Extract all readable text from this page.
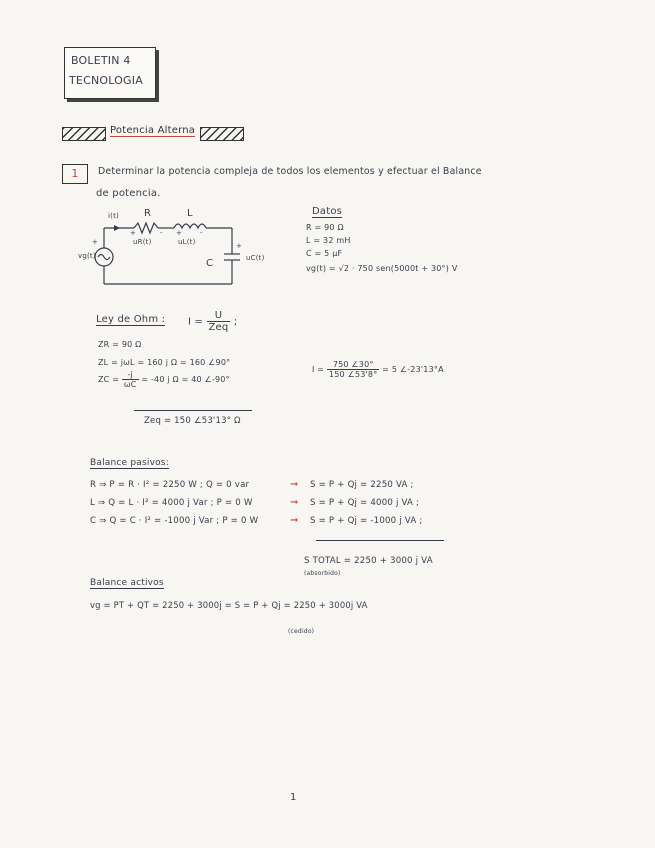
BOLETIN 4
TECNOLOGIA
Potencia Alterna
1	Determinar la potencia compleja de todos los elementos y efectuar el Balance
de potencia.
i(t)	R	L
C
vg(t)
uR(t)	uL(t)
uC(t)
+	- +	-
+
+
Datos
R = 90 Ω
L = 32 mH
C = 5 μF
vg(t) = √2 · 750 sen(5000t + 30°) V
Ley de Ohm : $I = \frac{U}{\text{Zeq}}$ ;
ZR = 90 Ω
ZL = jωL = 160 j Ω = 160 ∠90°
ZC = $\frac{-j}{\omega C} = -40$ j Ω = 40 ∠-90°
Zeq = 150 ∠53'13° Ω
$I = \frac{750 \angle 30^\circ}{150 \angle 53'8^\circ} = 5$ ∠-23'13°A
Balance pasivos:
R ⇒ P = R · I² = 2250 W ; Q = 0 var	➞ S = P + Qj = 2250 VA ;
L ⇒ Q = L · I² = 4000 j Var ; P = 0 W	➞ S = P + Qj = 4000 j VA ;
C ⇒ Q = C · I² = -1000 j Var ; P = 0 W	➞ S = P + Qj = -1000 j VA ;
S TOTAL = 2250 + 3000 j VA
(absorbido)
Balance activos
vg = PT + QT = 2250 + 3000j = S = P + Qj = 2250 + 3000j VA
(cedido)
1
